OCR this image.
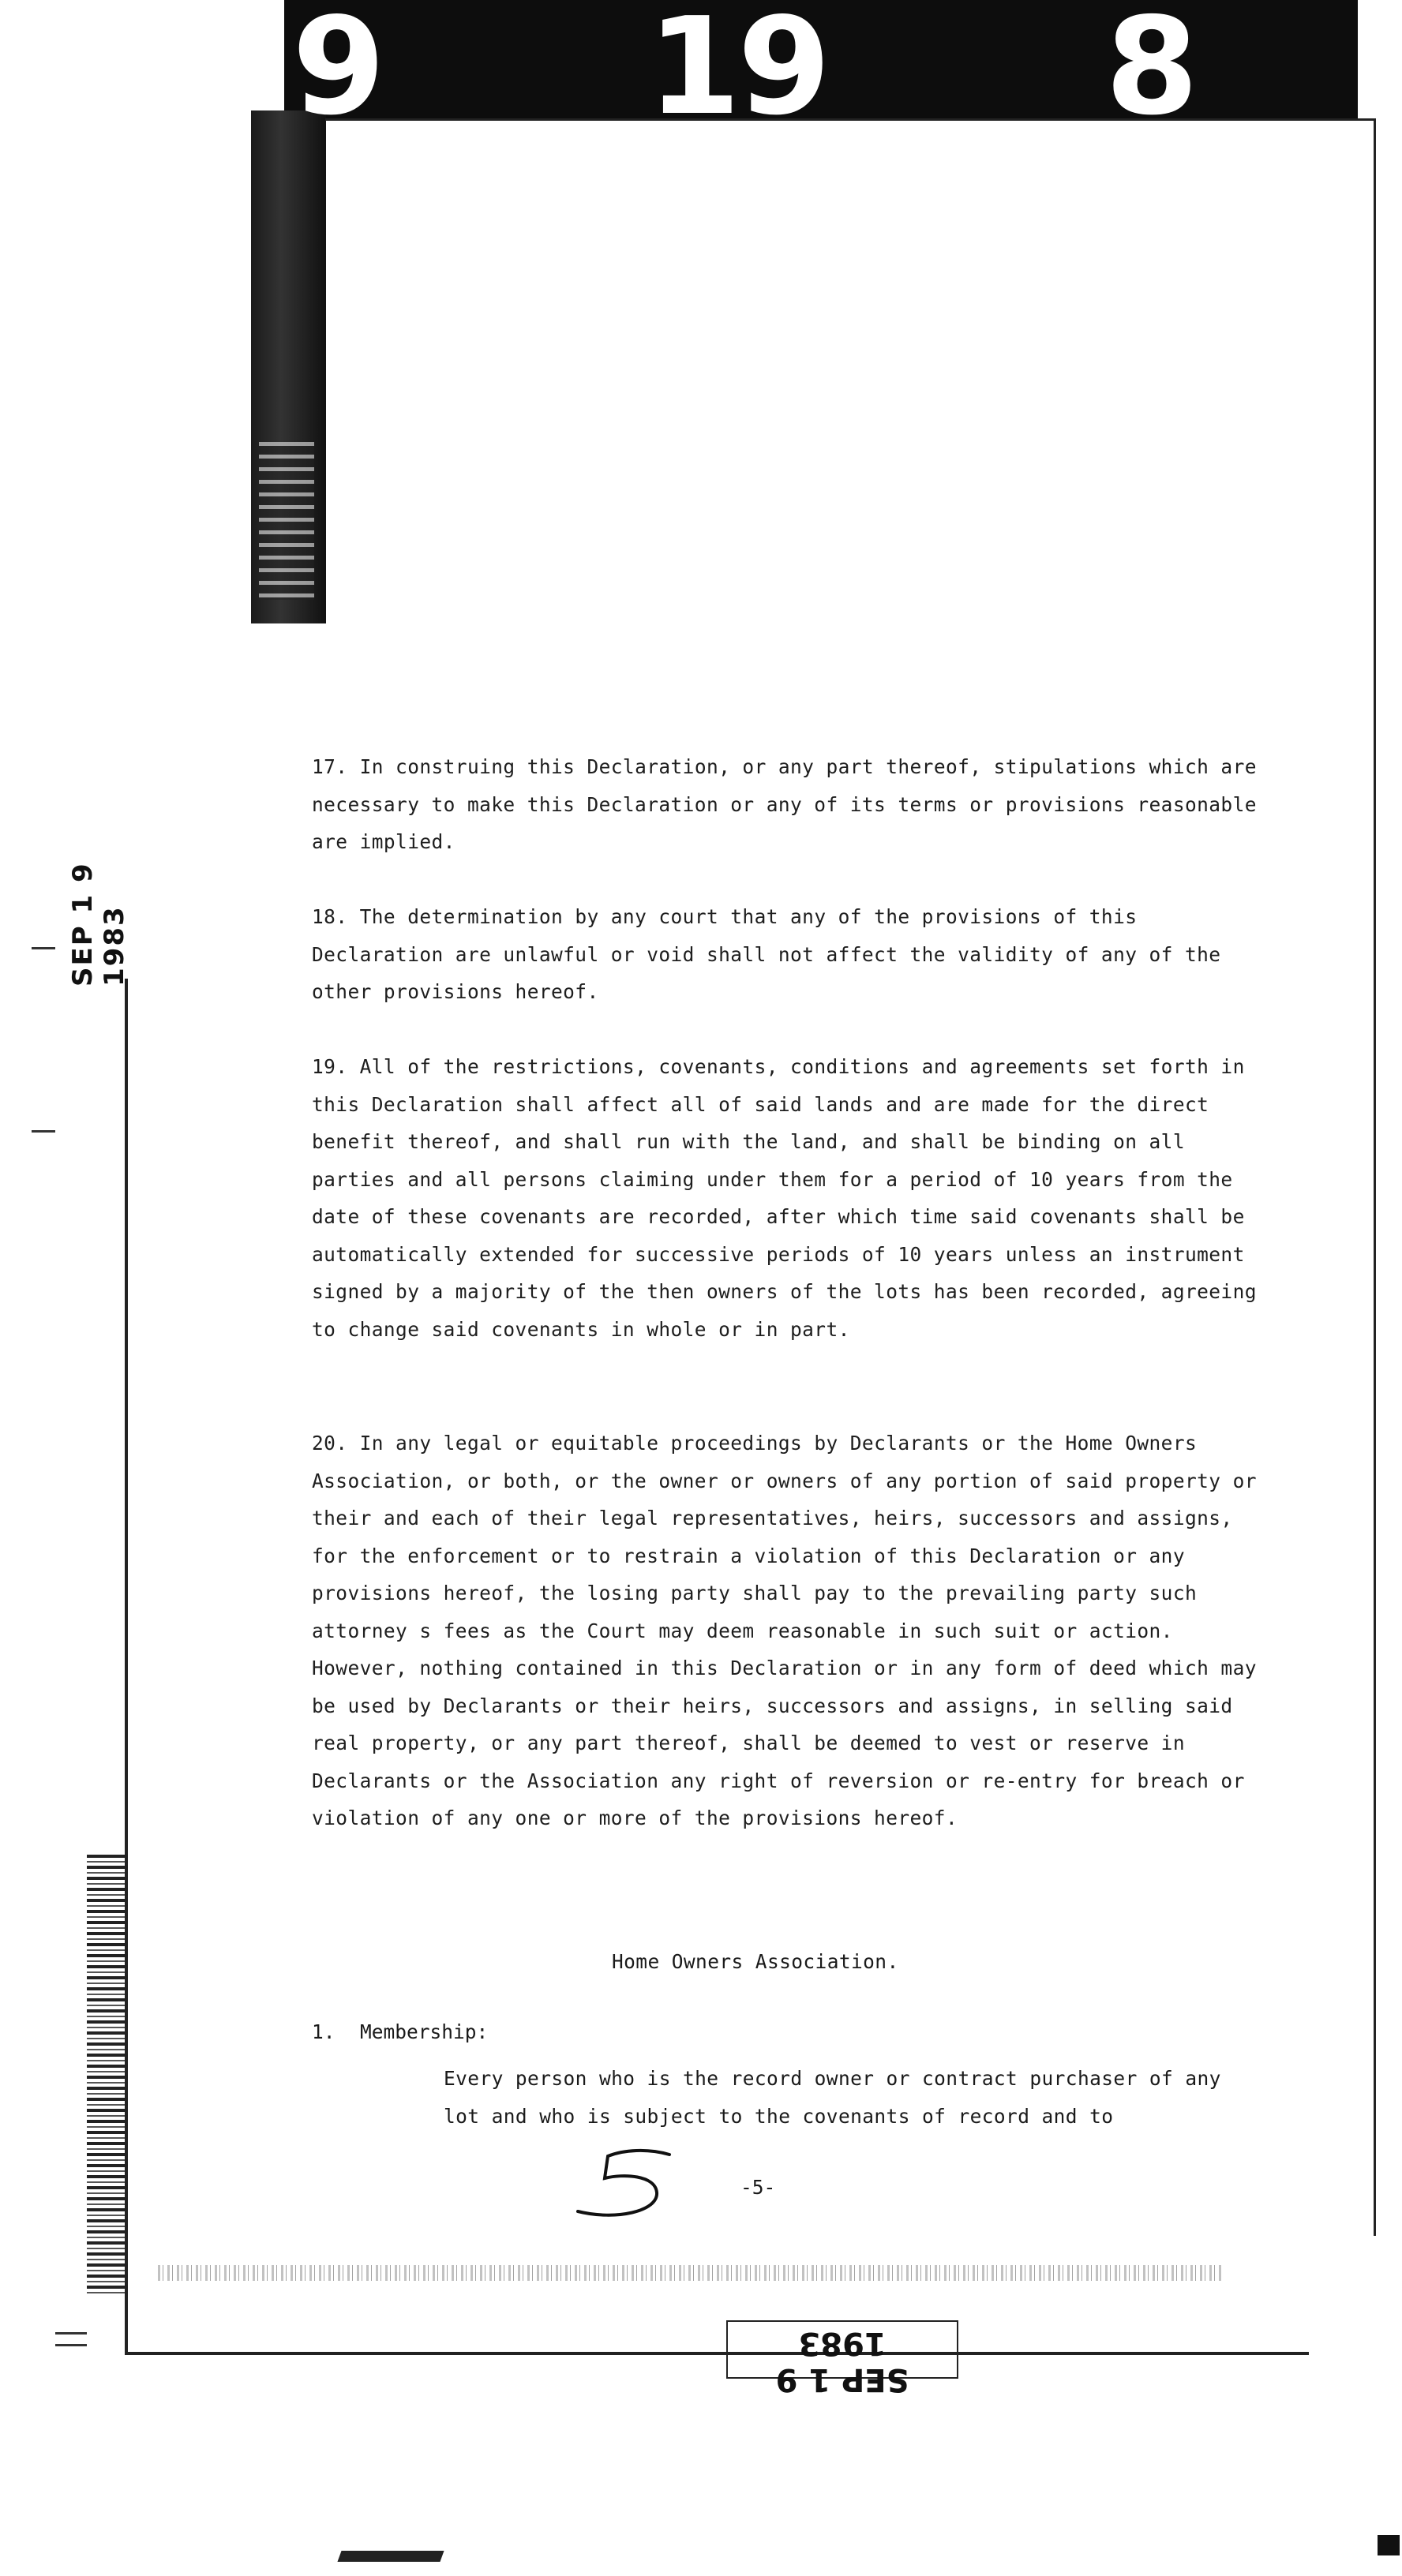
9 19 8
SEP 1 9 1983

17. In construing this Declaration, or any part thereof, stipulations which are necessary to make this Declaration or any of its terms or provisions reasonable are implied.

18. The determination by any court that any of the provisions of this Declaration are unlawful or void shall not affect the validity of any of the other provisions hereof.

19. All of the restrictions, covenants, conditions and agreements set forth in this Declaration shall affect all of said lands and are made for the direct benefit thereof, and shall run with the land, and shall be binding on all parties and all persons claiming under them for a period of 10 years from the date of these covenants are recorded, after which time said covenants shall be automatically extended for successive periods of 10 years unless an instrument signed by a majority of the then owners of the lots has been recorded, agreeing to change said covenants in whole or in part.

20. In any legal or equitable proceedings by Declarants or the Home Owners Association, or both, or the owner or owners of any portion of said property or their and each of their legal representatives, heirs, successors and assigns, for the enforcement or to restrain a violation of this Declaration or any provisions hereof, the losing party shall pay to the prevailing party such attorney s fees as the Court may deem reasonable in such suit or action. However, nothing contained in this Declaration or in any form of deed which may be used by Declarants or their heirs, successors and assigns, in selling said real property, or any part thereof, shall be deemed to vest or reserve in Declarants or the Association any right of reversion or re-entry for breach or violation of any one or more of the provisions hereof.

Home Owners Association.

1. Membership:

Every person who is the record owner or contract purchaser of any lot and who is subject to the covenants of record and to

-5-
SEP 1 9 1983
